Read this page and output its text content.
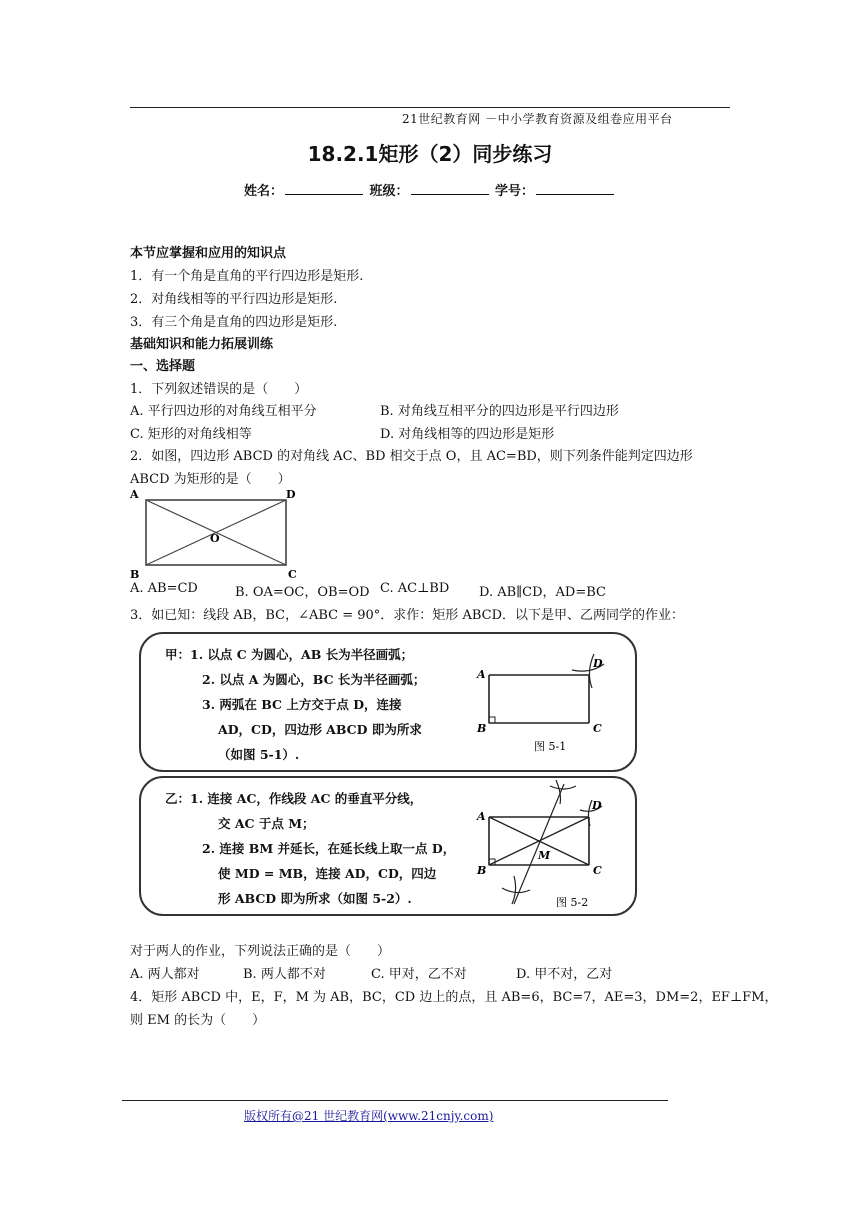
21世纪教育网 －中小学教育资源及组卷应用平台
18.2.1矩形（2）同步练习
姓名：	班级：	学号：
本节应掌握和应用的知识点
1．有一个角是直角的平行四边形是矩形.
2．对角线相等的平行四边形是矩形.
3．有三个角是直角的四边形是矩形.
基础知识和能力拓展训练
一、选择题
1．下列叙述错误的是（　　）
A. 平行四边形的对角线互相平分	B. 对角线互相平分的四边形是平行四边形
C. 矩形的对角线相等	D. 对角线相等的四边形是矩形
2．如图，四边形 ABCD 的对角线 AC、BD 相交于点 O，且 AC=BD，则下列条件能判定四边形
ABCD 为矩形的是（　　）
A	D
B	C
O
A. AB=CD	B. OA=OC，OB=OD C. AC⊥BD D. AB∥CD，AD=BC
3．如已知：线段 AB，BC，∠ABC = 90°．求作：矩形 ABCD．以下是甲、乙两同学的作业：
甲：1. 以点 C 为圆心，AB 长为半径画弧；
2. 以点 A 为圆心，BC 长为半径画弧；
3. 两弧在 BC 上方交于点 D，连接
AD，CD，四边形 ABCD 即为所求
（如图 5-1）.
A
B	C
D
图 5-1
乙：1. 连接 AC，作线段 AC 的垂直平分线，
交 AC 于点 M；
2. 连接 BM 并延长，在延长线上取一点 D，
使 MD = MB，连接 AD，CD，四边
形 ABCD 即为所求（如图 5-2）.
A
B	C
D
M
图 5-2
对于两人的作业，下列说法正确的是（　　）
A. 两人都对	B. 两人都不对	C. 甲对，乙不对	D. 甲不对，乙对
4．矩形 ABCD 中，E，F，M 为 AB，BC，CD 边上的点，且 AB=6，BC=7，AE=3，DM=2，EF⊥FM，
则 EM 的长为（　　）
版权所有@21 世纪教育网(www.21cnjy.com)
